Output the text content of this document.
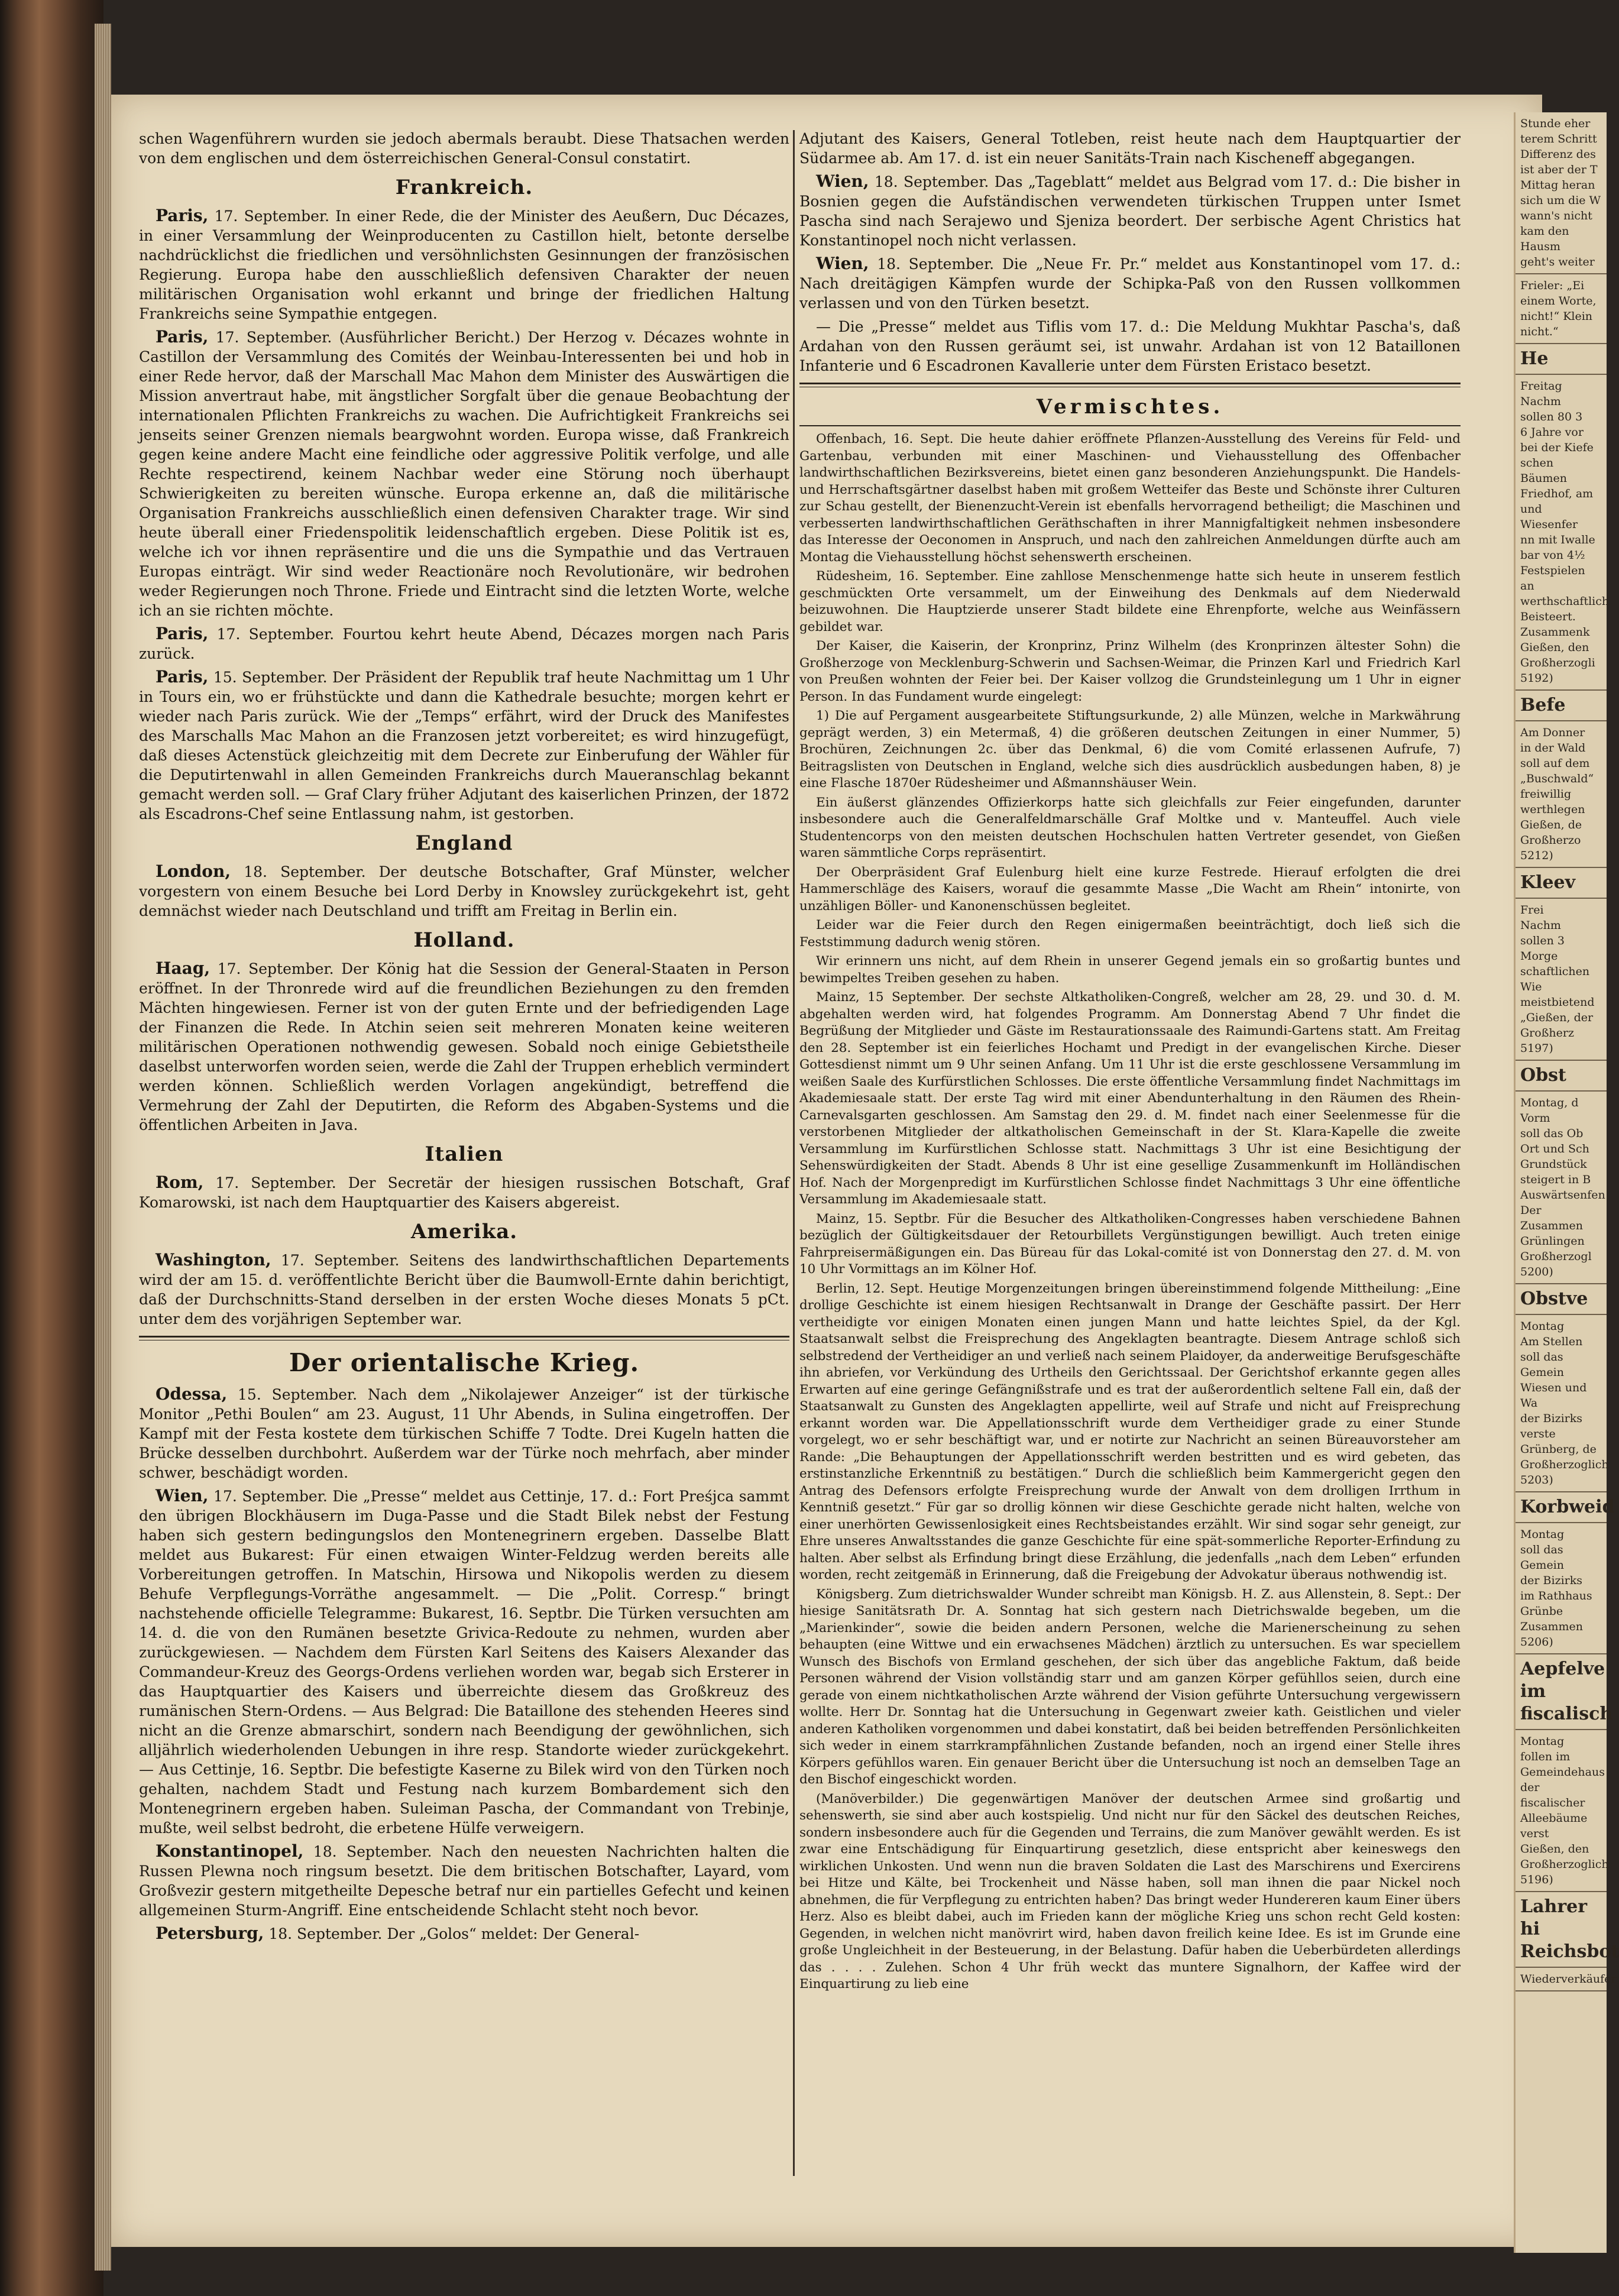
schen Wagenführern wurden sie jedoch abermals beraubt. Diese Thatsachen werden von dem englischen und dem österreichischen General-Consul constatirt.

Frankreich.

Paris, 17. September. In einer Rede, die der Minister des Aeußern, Duc Décazes, in einer Versammlung der Weinproducenten zu Castillon hielt, betonte derselbe nachdrücklichst die friedlichen und versöhnlichsten Gesinnungen der französischen Regierung. Europa habe den ausschließlich defensiven Charakter der neuen militärischen Organisation wohl erkannt und bringe der friedlichen Haltung Frankreichs seine Sympathie entgegen.

Paris, 17. September. (Ausführlicher Bericht.) Der Herzog v. Décazes wohnte in Castillon der Versammlung des Comités der Weinbau-Interessenten bei und hob in einer Rede hervor, daß der Marschall Mac Mahon dem Minister des Auswärtigen die Mission anvertraut habe, mit ängstlicher Sorgfalt über die genaue Beobachtung der internationalen Pflichten Frankreichs zu wachen. Die Aufrichtigkeit Frankreichs sei jenseits seiner Grenzen niemals beargwohnt worden. Europa wisse, daß Frankreich gegen keine andere Macht eine feindliche oder aggressive Politik verfolge, und alle Rechte respectirend, keinem Nachbar weder eine Störung noch überhaupt Schwierigkeiten zu bereiten wünsche. Europa erkenne an, daß die militärische Organisation Frankreichs ausschließlich einen defensiven Charakter trage. Wir sind heute überall einer Friedenspolitik leidenschaftlich ergeben. Diese Politik ist es, welche ich vor ihnen repräsentire und die uns die Sympathie und das Vertrauen Europas einträgt. Wir sind weder Reactionäre noch Revolutionäre, wir bedrohen weder Regierungen noch Throne. Friede und Eintracht sind die letzten Worte, welche ich an sie richten möchte.

Paris, 17. September. Fourtou kehrt heute Abend, Décazes morgen nach Paris zurück.

Paris, 15. September. Der Präsident der Republik traf heute Nachmittag um 1 Uhr in Tours ein, wo er frühstückte und dann die Kathedrale besuchte; morgen kehrt er wieder nach Paris zurück. Wie der „Temps“ erfährt, wird der Druck des Manifestes des Marschalls Mac Mahon an die Franzosen jetzt vorbereitet; es wird hinzugefügt, daß dieses Actenstück gleichzeitig mit dem Decrete zur Einberufung der Wähler für die Deputirtenwahl in allen Gemeinden Frankreichs durch Maueranschlag bekannt gemacht werden soll. — Graf Clary früher Adjutant des kaiserlichen Prinzen, der 1872 als Escadrons-Chef seine Entlassung nahm, ist gestorben.

England

London, 18. September. Der deutsche Botschafter, Graf Münster, welcher vorgestern von einem Besuche bei Lord Derby in Knowsley zurückgekehrt ist, geht demnächst wieder nach Deutschland und trifft am Freitag in Berlin ein.

Holland.

Haag, 17. September. Der König hat die Session der General-Staaten in Person eröffnet. In der Thronrede wird auf die freundlichen Beziehungen zu den fremden Mächten hingewiesen. Ferner ist von der guten Ernte und der befriedigenden Lage der Finanzen die Rede. In Atchin seien seit mehreren Monaten keine weiteren militärischen Operationen nothwendig gewesen. Sobald noch einige Gebietstheile daselbst unterworfen worden seien, werde die Zahl der Truppen erheblich vermindert werden können. Schließlich werden Vorlagen angekündigt, betreffend die Vermehrung der Zahl der Deputirten, die Reform des Abgaben-Systems und die öffentlichen Arbeiten in Java.

Italien

Rom, 17. September. Der Secretär der hiesigen russischen Botschaft, Graf Komarowski, ist nach dem Hauptquartier des Kaisers abgereist.

Amerika.

Washington, 17. September. Seitens des landwirthschaftlichen Departements wird der am 15. d. veröffentlichte Bericht über die Baumwoll-Ernte dahin berichtigt, daß der Durchschnitts-Stand derselben in der ersten Woche dieses Monats 5 pCt. unter dem des vorjährigen September war.

Der orientalische Krieg.

Odessa, 15. September. Nach dem „Nikolajewer Anzeiger“ ist der türkische Monitor „Pethi Boulen“ am 23. August, 11 Uhr Abends, in Sulina eingetroffen. Der Kampf mit der Festa kostete dem türkischen Schiffe 7 Todte. Drei Kugeln hatten die Brücke desselben durchbohrt. Außerdem war der Türke noch mehrfach, aber minder schwer, beschädigt worden.

Wien, 17. September. Die „Presse“ meldet aus Cettinje, 17. d.: Fort Preśjca sammt den übrigen Blockhäusern im Duga-Passe und die Stadt Bilek nebst der Festung haben sich gestern bedingungslos den Montenegrinern ergeben. Dasselbe Blatt meldet aus Bukarest: Für einen etwaigen Winter-Feldzug werden bereits alle Vorbereitungen getroffen. In Matschin, Hirsowa und Nikopolis werden zu diesem Behufe Verpflegungs-Vorräthe angesammelt. — Die „Polit. Corresp.“ bringt nachstehende officielle Telegramme: Bukarest, 16. Septbr. Die Türken versuchten am 14. d. die von den Rumänen besetzte Grivica-Redoute zu nehmen, wurden aber zurückgewiesen. — Nachdem dem Fürsten Karl Seitens des Kaisers Alexander das Commandeur-Kreuz des Georgs-Ordens verliehen worden war, begab sich Ersterer in das Hauptquartier des Kaisers und überreichte diesem das Großkreuz des rumänischen Stern-Ordens. — Aus Belgrad: Die Bataillone des stehenden Heeres sind nicht an die Grenze abmarschirt, sondern nach Beendigung der gewöhnlichen, sich alljährlich wiederholenden Uebungen in ihre resp. Standorte wieder zurückgekehrt. — Aus Cettinje, 16. Septbr. Die befestigte Kaserne zu Bilek wird von den Türken noch gehalten, nachdem Stadt und Festung nach kurzem Bombardement sich den Montenegrinern ergeben haben. Suleiman Pascha, der Commandant von Trebinje, mußte, weil selbst bedroht, die erbetene Hülfe verweigern.

Konstantinopel, 18. September. Nach den neuesten Nachrichten halten die Russen Plewna noch ringsum besetzt. Die dem britischen Botschafter, Layard, vom Großvezir gestern mitgetheilte Depesche betraf nur ein partielles Gefecht und keinen allgemeinen Sturm-Angriff. Eine entscheidende Schlacht steht noch bevor.

Petersburg, 18. September. Der „Golos“ meldet: Der General-

Adjutant des Kaisers, General Totleben, reist heute nach dem Hauptquartier der Südarmee ab. Am 17. d. ist ein neuer Sanitäts-Train nach Kischeneff abgegangen.

Wien, 18. September. Das „Tageblatt“ meldet aus Belgrad vom 17. d.: Die bisher in Bosnien gegen die Aufständischen verwendeten türkischen Truppen unter Ismet Pascha sind nach Serajewo und Sjeniza beordert. Der serbische Agent Christics hat Konstantinopel noch nicht verlassen.

Wien, 18. September. Die „Neue Fr. Pr.“ meldet aus Konstantinopel vom 17. d.: Nach dreitägigen Kämpfen wurde der Schipka-Paß von den Russen vollkommen verlassen und von den Türken besetzt.

— Die „Presse“ meldet aus Tiflis vom 17. d.: Die Meldung Mukhtar Pascha's, daß Ardahan von den Russen geräumt sei, ist unwahr. Ardahan ist von 12 Bataillonen Infanterie und 6 Escadronen Kavallerie unter dem Fürsten Eristaco besetzt.

Vermischtes.

Offenbach, 16. Sept. Die heute dahier eröffnete Pflanzen-Ausstellung des Vereins für Feld- und Gartenbau, verbunden mit einer Maschinen- und Viehausstellung des Offenbacher landwirthschaftlichen Bezirksvereins, bietet einen ganz besonderen Anziehungspunkt. Die Handels- und Herrschaftsgärtner daselbst haben mit großem Wetteifer das Beste und Schönste ihrer Culturen zur Schau gestellt, der Bienenzucht-Verein ist ebenfalls hervorragend betheiligt; die Maschinen und verbesserten landwirthschaftlichen Geräthschaften in ihrer Mannigfaltigkeit nehmen insbesondere das Interesse der Oeconomen in Anspruch, und nach den zahlreichen Anmeldungen dürfte auch am Montag die Viehausstellung höchst sehenswerth erscheinen.

Rüdesheim, 16. September. Eine zahllose Menschenmenge hatte sich heute in unserem festlich geschmückten Orte versammelt, um der Einweihung des Denkmals auf dem Niederwald beizuwohnen. Die Hauptzierde unserer Stadt bildete eine Ehrenpforte, welche aus Weinfässern gebildet war.

Der Kaiser, die Kaiserin, der Kronprinz, Prinz Wilhelm (des Kronprinzen ältester Sohn) die Großherzoge von Mecklenburg-Schwerin und Sachsen-Weimar, die Prinzen Karl und Friedrich Karl von Preußen wohnten der Feier bei. Der Kaiser vollzog die Grundsteinlegung um 1 Uhr in eigner Person. In das Fundament wurde eingelegt:

1) Die auf Pergament ausgearbeitete Stiftungsurkunde, 2) alle Münzen, welche in Markwährung geprägt werden, 3) ein Metermaß, 4) die größeren deutschen Zeitungen in einer Nummer, 5) Brochüren, Zeichnungen 2c. über das Denkmal, 6) die vom Comité erlassenen Aufrufe, 7) Beitragslisten von Deutschen in England, welche sich dies ausdrücklich ausbedungen haben, 8) je eine Flasche 1870er Rüdesheimer und Aßmannshäuser Wein.

Ein äußerst glänzendes Offizierkorps hatte sich gleichfalls zur Feier eingefunden, darunter insbesondere auch die Generalfeldmarschälle Graf Moltke und v. Manteuffel. Auch viele Studentencorps von den meisten deutschen Hochschulen hatten Vertreter gesendet, von Gießen waren sämmtliche Corps repräsentirt.

Der Oberpräsident Graf Eulenburg hielt eine kurze Festrede. Hierauf erfolgten die drei Hammerschläge des Kaisers, worauf die gesammte Masse „Die Wacht am Rhein“ intonirte, von unzähligen Böller- und Kanonenschüssen begleitet.

Leider war die Feier durch den Regen einigermaßen beeinträchtigt, doch ließ sich die Feststimmung dadurch wenig stören.

Wir erinnern uns nicht, auf dem Rhein in unserer Gegend jemals ein so großartig buntes und bewimpeltes Treiben gesehen zu haben.

Mainz, 15 September. Der sechste Altkatholiken-Congreß, welcher am 28, 29. und 30. d. M. abgehalten werden wird, hat folgendes Programm. Am Donnerstag Abend 7 Uhr findet die Begrüßung der Mitglieder und Gäste im Restaurationssaale des Raimundi-Gartens statt. Am Freitag den 28. September ist ein feierliches Hochamt und Predigt in der evangelischen Kirche. Dieser Gottesdienst nimmt um 9 Uhr seinen Anfang. Um 11 Uhr ist die erste geschlossene Versammlung im weißen Saale des Kurfürstlichen Schlosses. Die erste öffentliche Versammlung findet Nachmittags im Akademiesaale statt. Der erste Tag wird mit einer Abendunterhaltung in den Räumen des Rhein-Carnevalsgarten geschlossen. Am Samstag den 29. d. M. findet nach einer Seelenmesse für die verstorbenen Mitglieder der altkatholischen Gemeinschaft in der St. Klara-Kapelle die zweite Versammlung im Kurfürstlichen Schlosse statt. Nachmittags 3 Uhr ist eine Besichtigung der Sehenswürdigkeiten der Stadt. Abends 8 Uhr ist eine gesellige Zusammenkunft im Holländischen Hof. Nach der Morgenpredigt im Kurfürstlichen Schlosse findet Nachmittags 3 Uhr eine öffentliche Versammlung im Akademiesaale statt.

Mainz, 15. Septbr. Für die Besucher des Altkatholiken-Congresses haben verschiedene Bahnen bezüglich der Gültigkeitsdauer der Retourbillets Vergünstigungen bewilligt. Auch treten einige Fahrpreisermäßigungen ein. Das Büreau für das Lokal-comité ist von Donnerstag den 27. d. M. von 10 Uhr Vormittags an im Kölner Hof.

Berlin, 12. Sept. Heutige Morgenzeitungen bringen übereinstimmend folgende Mittheilung: „Eine drollige Geschichte ist einem hiesigen Rechtsanwalt in Drange der Geschäfte passirt. Der Herr vertheidigte vor einigen Monaten einen jungen Mann und hatte leichtes Spiel, da der Kgl. Staatsanwalt selbst die Freisprechung des Angeklagten beantragte. Diesem Antrage schloß sich selbstredend der Vertheidiger an und verließ nach seinem Plaidoyer, da anderweitige Berufsgeschäfte ihn abriefen, vor Verkündung des Urtheils den Gerichtssaal. Der Gerichtshof erkannte gegen alles Erwarten auf eine geringe Gefängnißstrafe und es trat der außerordentlich seltene Fall ein, daß der Staatsanwalt zu Gunsten des Angeklagten appellirte, weil auf Strafe und nicht auf Freisprechung erkannt worden war. Die Appellationsschrift wurde dem Vertheidiger grade zu einer Stunde vorgelegt, wo er sehr beschäftigt war, und er notirte zur Nachricht an seinen Büreauvorsteher am Rande: „Die Behauptungen der Appellationsschrift werden bestritten und es wird gebeten, das erstinstanzliche Erkenntniß zu bestätigen.“ Durch die schließlich beim Kammergericht gegen den Antrag des Defensors erfolgte Freisprechung wurde der Anwalt von dem drolligen Irrthum in Kenntniß gesetzt.“ Für gar so drollig können wir diese Geschichte gerade nicht halten, welche von einer unerhörten Gewissenlosigkeit eines Rechtsbeistandes erzählt. Wir sind sogar sehr geneigt, zur Ehre unseres Anwaltsstandes die ganze Geschichte für eine spät-sommerliche Reporter-Erfindung zu halten. Aber selbst als Erfindung bringt diese Erzählung, die jedenfalls „nach dem Leben“ erfunden worden, recht zeitgemäß in Erinnerung, daß die Freigebung der Advokatur überaus nothwendig ist.

Königsberg. Zum dietrichswalder Wunder schreibt man Königsb. H. Z. aus Allenstein, 8. Sept.: Der hiesige Sanitätsrath Dr. A. Sonntag hat sich gestern nach Dietrichswalde begeben, um die „Marienkinder“, sowie die beiden andern Personen, welche die Marienerscheinung zu sehen behaupten (eine Wittwe und ein erwachsenes Mädchen) ärztlich zu untersuchen. Es war speciellem Wunsch des Bischofs von Ermland geschehen, der sich über das angebliche Faktum, daß beide Personen während der Vision vollständig starr und am ganzen Körper gefühllos seien, durch eine gerade von einem nichtkatholischen Arzte während der Vision geführte Untersuchung vergewissern wollte. Herr Dr. Sonntag hat die Untersuchung in Gegenwart zweier kath. Geistlichen und vieler anderen Katholiken vorgenommen und dabei konstatirt, daß bei beiden betreffenden Persönlichkeiten sich weder in einem starrkrampfähnlichen Zustande befanden, noch an irgend einer Stelle ihres Körpers gefühllos waren. Ein genauer Bericht über die Untersuchung ist noch an demselben Tage an den Bischof eingeschickt worden.

(Manöverbilder.) Die gegenwärtigen Manöver der deutschen Armee sind großartig und sehenswerth, sie sind aber auch kostspielig. Und nicht nur für den Säckel des deutschen Reiches, sondern insbesondere auch für die Gegenden und Terrains, die zum Manöver gewählt werden. Es ist zwar eine Entschädigung für Einquartirung gesetzlich, diese entspricht aber keineswegs den wirklichen Unkosten. Und wenn nun die braven Soldaten die Last des Marschirens und Exercirens bei Hitze und Kälte, bei Trockenheit und Nässe haben, soll man ihnen die paar Nickel noch abnehmen, die für Verpflegung zu entrichten haben? Das bringt weder Hundereren kaum Einer übers Herz. Also es bleibt dabei, auch im Frieden kann der mögliche Krieg uns schon recht Geld kosten: Gegenden, in welchen nicht manövrirt wird, haben davon freilich keine Idee. Es ist im Grunde eine große Ungleichheit in der Besteuerung, in der Belastung. Dafür haben die Ueberbürdeten allerdings das . . . . Zulehen. Schon 4 Uhr früh weckt das muntere Signalhorn, der Kaffee wird der Einquartirung zu lieb eine

Stunde eher
terem Schritt
Differenz des
ist aber der T
Mittag heran
sich um die W
wann's nicht
kam den Hausm
geht's weiter
Frieler: „Ei
einem Worte,
nicht!“ Klein
nicht.“
He
Freitag
Nachm
sollen 80 3
6 Jahre vor
bei der Kiefe
schen Bäumen
Friedhof, am
und Wiesenfer
nn mit Iwalle
bar von 4½
Festspielen an
werthschaftlich
Beisteert.
Zusammenk
Gießen, den
Großherzogli
5192)
Befe
Am Donner
in der Wald
soll auf dem
„Buschwald“
freiwillig
werthlegen
Gießen, de
Großherzo
5212)
Kleev
Frei
Nachm
sollen 3 Morge
schaftlichen Wie
meistbietend
„Gießen, der
Großherz
5197)
Obst
Montag, d
Vorm
soll das Ob
Ort und Sch
Grundstück
steigert in B
Auswärtsenfen
Der Zusammen
Grünlingen
Großherzogl
5200)
Obstve
Montag
Am Stellen
soll das Gemein
Wiesen und Wa
der Bizirks verste
Grünberg, de
Großherzoglich
5203)
Korbweid
Montag
soll das Gemein
der Bizirks
im Rathhaus
Grünbe
Zusammen
5206)
Aepfelve
im fiscalisch
Montag
follen im Gemeindehaus
der fiscalischer
Alleebäume verst
Gießen, den
Großherzoglich
5196)
Lahrer hi
Reichsbot
Wiederverkäufer
